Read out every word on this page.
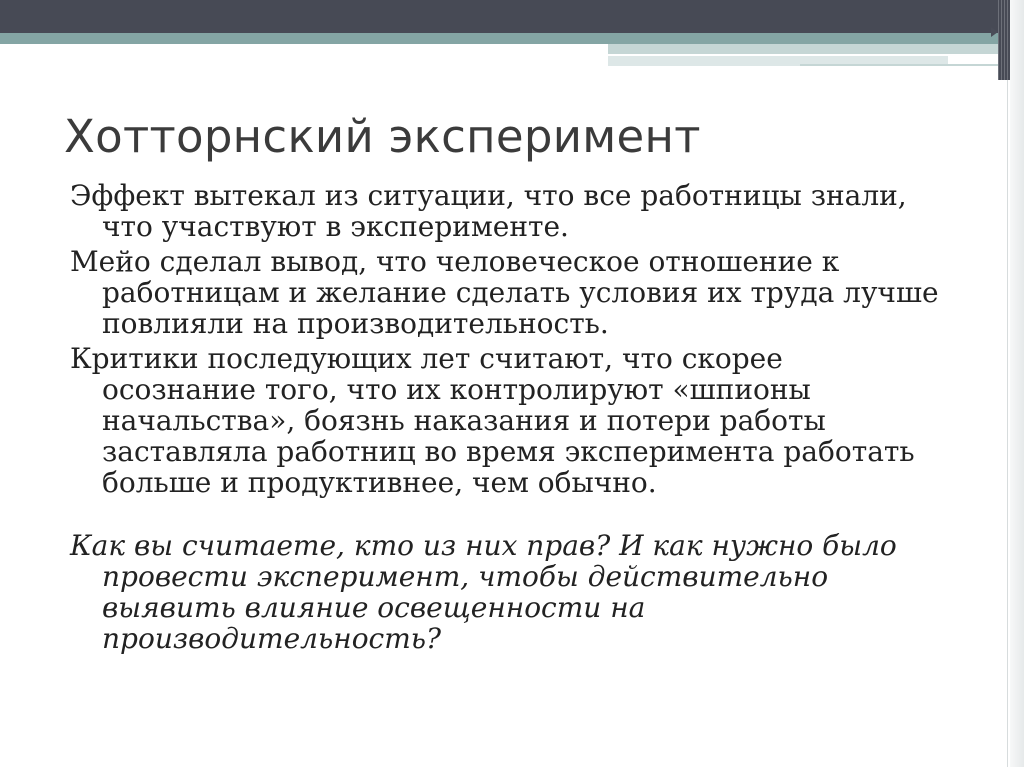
Хотторнский эксперимент

Эффект вытекал из ситуации, что все работницы знали, что участвуют в эксперименте.

Мейо сделал вывод, что человеческое отношение к работницам и желание сделать условия их труда лучше повлияли на производительность.

Критики последующих лет считают, что скорее осознание того, что их контролируют «шпионы начальства», боязнь наказания и потери работы заставляла работниц во время эксперимента работать больше и продуктивнее, чем обычно.

Как вы считаете, кто из них прав? И как нужно было провести эксперимент, чтобы действительно выявить влияние освещенности на производительность?
